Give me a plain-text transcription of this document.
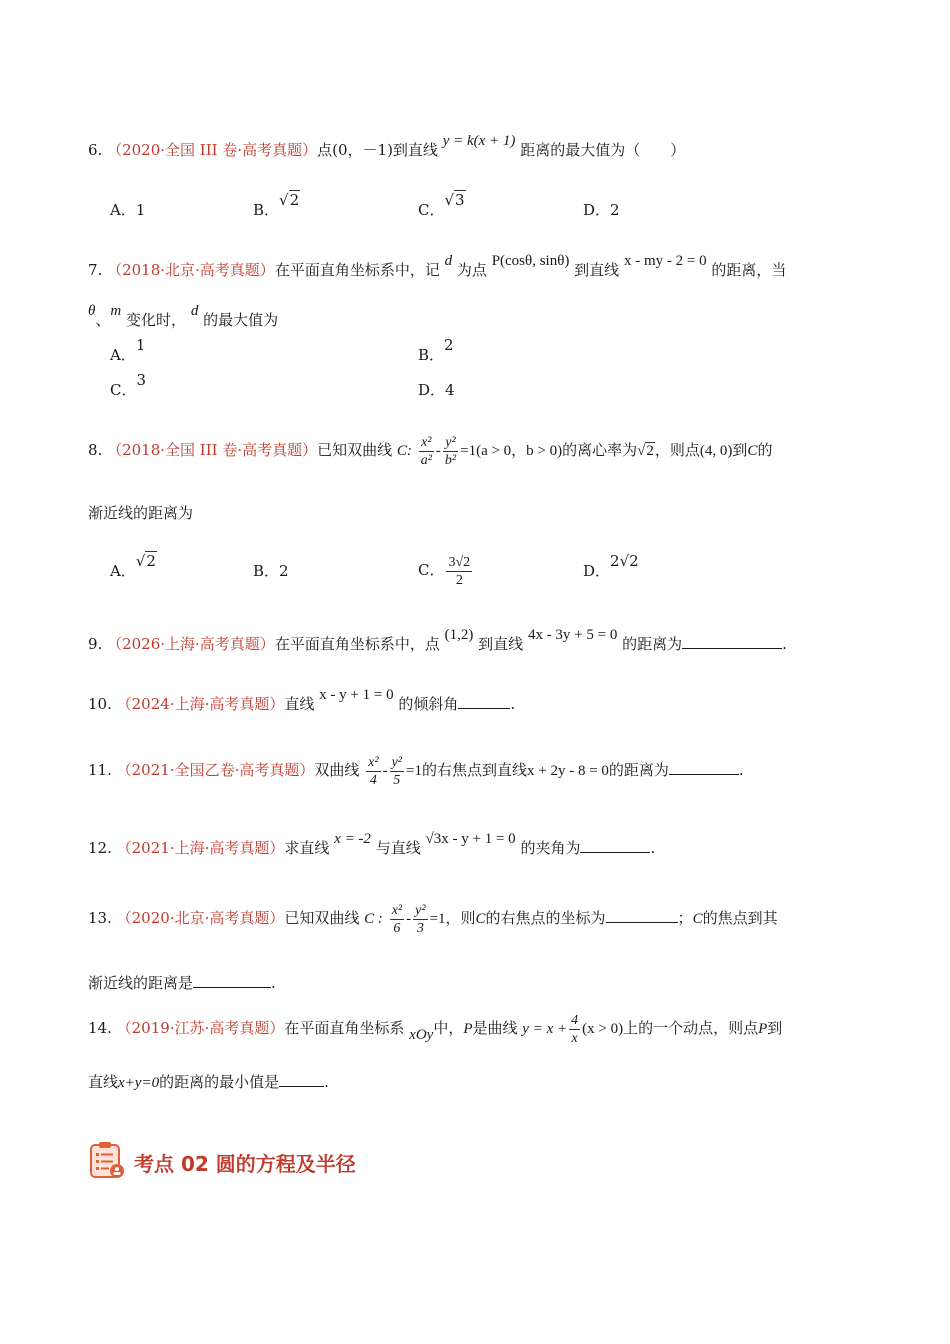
6. （2020·全国 III 卷·高考真题）点(0，－1)到直线 y = k(x + 1) 距离的最大值为（　　）
A．1	B．√2
C．√3
D．2
7. （2018·北京·高考真题）在平面直角坐标系中，记 d 为点 P(cosθ, sinθ) 到直线 x - my - 2 = 0 的距离，当
θ、m 变化时， d 的最大值为
A．1
B．2
C．3
D．4
8. （2018·全国 III 卷·高考真题）已知双曲线 C: $\frac{\text{x²}}{\text{a²}} - \frac{\text{y²}}{\text{b²}} =1(a > 0$，b > 0)的离心率为√2，则点(4, 0)到C的
渐近线的距离为
A．√2
B．2	C． $\frac{3√2}{2}$	D．2√2
9. （2026·上海·高考真题）在平面直角坐标系中，点 (1,2) 到直线 4x - 3y + 5 = 0 的距离为	.
10. （2024·上海·高考真题）直线 x - y + 1 = 0 的倾斜角	.
11. （2021·全国乙卷·高考真题）双曲线 $\frac{\text{x²}}{4} - \frac{\text{y²}}{5} =1$的右焦点到直线x + 2y - 8 = 0的距离为	.
12. （2021·上海·高考真题）求直线 x = -2 与直线 √3x - y + 1 = 0 的夹角为	.
13. （2020·北京·高考真题）已知双曲线 C : $\frac{\text{x²}}{6} - \frac{\text{y²}}{3} =1$，则C的右焦点的坐标为	；C的焦点到其
渐近线的距离是	.
14. （2019·江苏·高考真题）在平面直角坐标系 xOy中，P是曲线 $y = x + \frac{4}{x} (x > 0)$上的一个动点，则点P到
直线x+y=0的距离的最小值是	.
考点 02 圆的方程及半径
